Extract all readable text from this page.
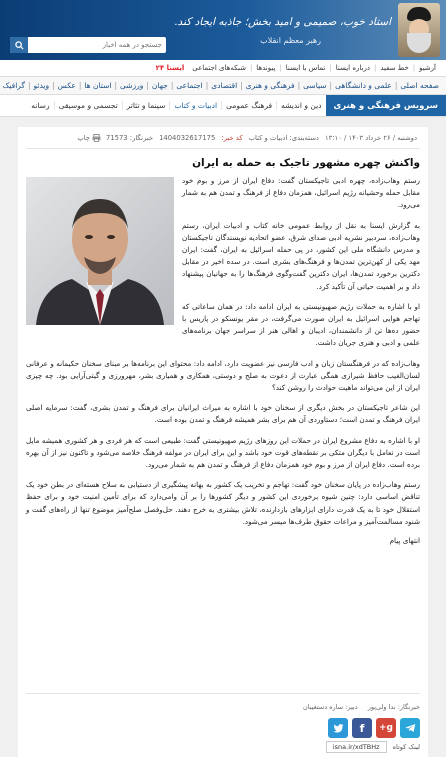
استاد خوب، صمیمی و امید بخش؛ جاذبه ایجاد کند.
رهبر معظم انقلاب
جستجو در همه اخبار
آرشیو
|
خط سفید
|
درباره ایسنا
|
تماس با ایسنا
|
پیوندها
|
شبکه‌های اجتماعی
ایسنا ۲۴
صفحه اصلی
|
علمی و دانشگاهی
|
سیاسی
|
فرهنگی و هنری
|
اقتصادی
|
اجتماعی
|
جهان
|
ورزشی
|
استان ها
|
عکس
|
ویدئو
|
گرافیک
سرویس فرهنگی و هنری
دین و اندیشه
فرهنگ عمومی
ادبیات و کتاب
سینما و تئاتر
تجسمی و موسیقی
رسانه
دوشنبه / ۲۶ خرداد ۱۴۰۳ / ۱۳:۱۰
دسته‌بندی: ادبیات و کتاب
کد خبر:
1404032617175
خبرنگار: 71573
چاپ
واکنش چهره مشهور تاجیک به حمله به ایران

رستم وهاب‌زاده، چهره ادبی تاجیکستان گفت: دفاع ایران از مرز و بوم خود مقابل حمله وحشیانه رژیم اسرائیل، همزمان دفاع از فرهنگ و تمدن هم به شمار می‌رود.

به گزارش ایسنا به نقل از روابط عمومی خانه کتاب و ادبیات ایران، رستم وهاب‌زاده، سردبیر نشریه ادبی صدای شرق، عضو اتحادیه نویسندگان تاجیکستان و مدرس دانشگاه ملی این کشور، در پی حمله اسرائیل به ایران، گفت: ایران مهد یکی از کهن‌ترین تمدن‌ها و فرهنگ‌های بشری است. در سده اخیر در مقابل دکترین برخورد تمدن‌ها، ایران دکترین گفت‌وگوی فرهنگ‌ها را به جهانیان پیشنهاد داد و بر اهمیت حیاتی آن تأکید کرد.

او با اشاره به حملات رژیم صهیونیستی به ایران ادامه داد: در همان ساعاتی که تهاجم هوایی اسرائیل به ایران صورت می‌گرفت، در مقر یونسکو در پاریس با حضور ده‌ها تن از دانشمندان، ادیبان و اهالی هنر از سراسر جهان برنامه‌های علمی و ادبی و هنری جریان داشت.

وهاب‌زاده که در فرهنگستان زبان و ادب فارسی نیز عضویت دارد، ادامه داد: محتوای این برنامه‌ها بر مبنای سخنان حکیمانه و عرفانی لسان‌الغیب حافظ شیرازی همگی عبارت از دعوت به صلح و دوستی، همکاری و همیاری بشر، مهرورزی و گیتی‌آرایی بود. چه چیزی ایران از این می‌تواند ماهیت حوادث را روشن کند؟

این شاعر تاجیکستان در بخش دیگری از سخنان خود با اشاره به میراث ایرانیان برای فرهنگ و تمدن بشری، گفت: سرمایه اصلی ایران فرهنگ و تمدن است؛ دستاوردی آن هم برای بشر همیشه فرهنگ و تمدن بوده است.

او با اشاره به دفاع مشروع ایران در حملات این روزهای رژیم صهیونیستی گفت: طبیعی است که هر فردی و هر کشوری همیشه مایل است در تعامل با دیگران متکی بر نقطه‌های قوت خود باشد و این برای ایران در مولفه فرهنگ خلاصه می‌شود و تاکنون نیز از آن بهره برده است. دفاع ایران از مرز و بوم خود همزمان دفاع از فرهنگ و تمدن هم به شمار می‌رود.

رستم وهاب‌زاده در پایان سخنان خود گفت: تهاجم و تخریب یک کشور به بهانه پیشگیری از دستیابی به سلاح هسته‌ای در بطن خود یک تناقض اساسی دارد: چنین شیوه برخوردی این کشور و دیگر کشورها را بر آن وامی‌دارد که برای تأمین امنیت خود و برای حفظ استقلال خود تا به یک قدرت دارای ابزارهای بازدارنده، تلاش بیشتری به خرج دهند. حل‌وفصل صلح‌آمیز موضوع تنها از راه‌های گفت و شنود مسالمت‌آمیز و مراعات حقوق طرف‌ها میسر می‌شود.

انتهای پیام
خبرنگار: ندا ولی‌پور دبیر: ساره دستغیبان
g+
f
لینک کوتاه
isna.ir/xdTBHz
